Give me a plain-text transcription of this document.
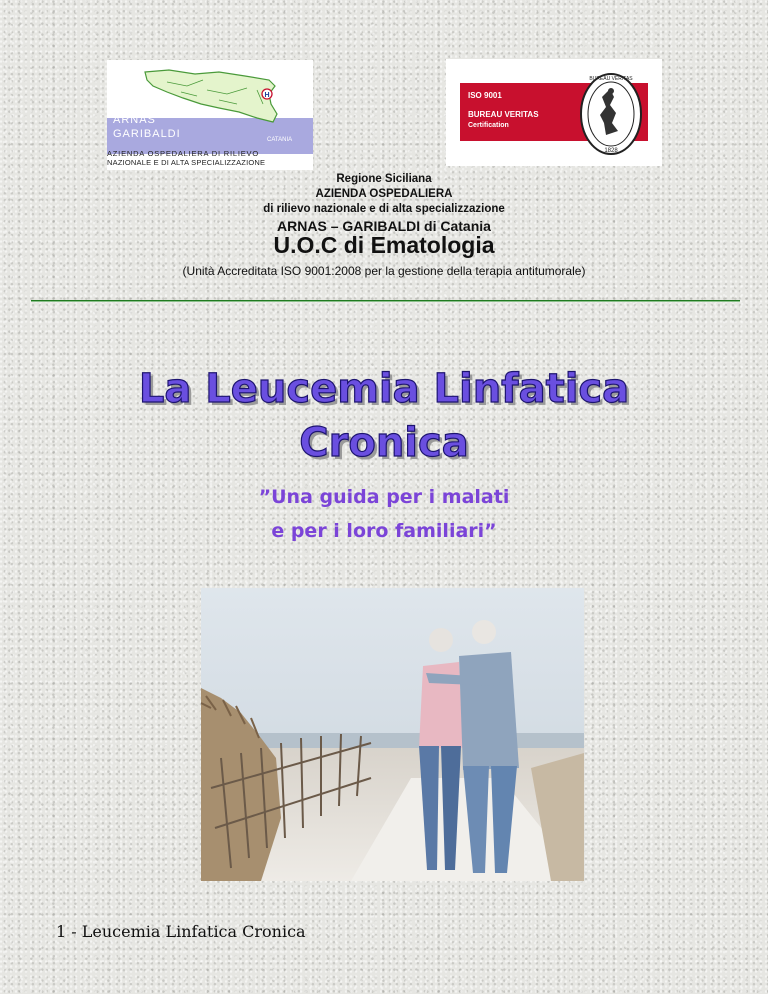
H
ARNAS
GARIBALDI	CATANIA
AZIENDA OSPEDALIERA DI RILIEVO
NAZIONALE E DI ALTA SPECIALIZZAZIONE
ISO 9001
BUREAU VERITAS
Certification
BUREAU VERITAS
1828
Regione Siciliana
AZIENDA OSPEDALIERA
di rilievo nazionale e di alta specializzazione
ARNAS – GARIBALDI di Catania
U.O.C di Ematologia
(Unità Accreditata ISO 9001:2008 per la gestione della terapia antitumorale)
La Leucemia Linfatica
Cronica
”Una guida per i malati
e per i loro familiari”
1 - Leucemia Linfatica Cronica
